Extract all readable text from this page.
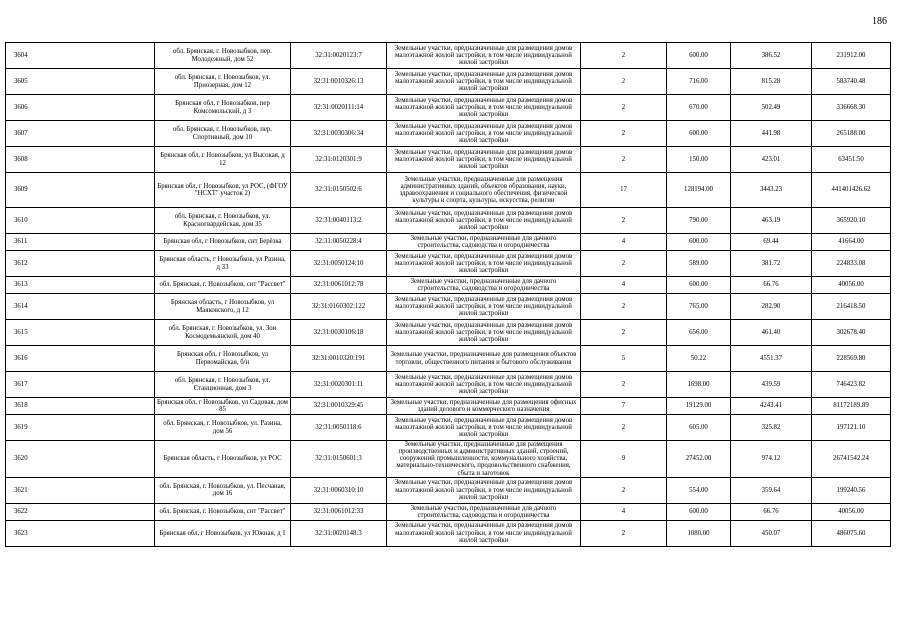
186
3604	обл. Брянская, г. Новозыбков, пер. Молодежный, дом 52	32:31:0020123:7	Земельные участки, предназначенные для размещения домов малоэтажной жилой застройки, в том числе индивидуальной жилой застройки	2	600.00	386.52	231912.00
3605	обл. Брянская, г. Новозыбков, ул. Приозерная, дом 12	32:31:0010326:13	Земельные участки, предназначенные для размещения домов малоэтажной жилой застройки, в том числе индивидуальной жилой застройки	2	716.00	815.28	583740.48
3606	Брянская обл, г Новозыбков, пер Комсомольский, д 3	32:31:0020111:14	Земельные участки, предназначенные для размещения домов малоэтажной жилой застройки, в том числе индивидуальной жилой застройки	2	670.00	502.49	336668.30
3607	обл. Брянская, г. Новозыбков, пер. Спортивный, дом 10	32:31:0030306:34	Земельные участки, предназначенные для размещения домов малоэтажной жилой застройки, в том числе индивидуальной жилой застройки	2	600.00	441.98	265188.00
3608	Брянская обл, г Новозыбков, ул Высокая, д 12	32:31:0120301:9	Земельные участки, предназначенные для размещения домов малоэтажной жилой застройки, в том числе индивидуальной жилой застройки	2	150.00	423.01	63451.50
3609	Брянская обл, г Новозыбков, ул РОС, (ФГОУ "НСХТ" участок 2)	32:31:0150502:6	Земельные участки, предназначенные для размещения административных зданий, объектов образования, науки, здравоохранения и социального обеспечения, физической культуры и спорта, культуры, искусства, религии	17	128194.00	3443.23	441401426.62
3610	обл. Брянская, г. Новозыбков, ул. Красногвардейская, дом 35	32:31:0040113:2	Земельные участки, предназначенные для размещения домов малоэтажной жилой застройки, в том числе индивидуальной жилой застройки	2	790.00	463.19	365920.10
3611	Брянская обл, г Новозыбков, снт Берёзка	32:31:0050228:4	Земельные участки, предназначенные для дачного строительства, садоводства и огородничества	4	600.00	69.44	41664.00
3612	Брянская область, г Новозыбков, ул Разина, д 33	32:31:0050124:10	Земельные участки, предназначенные для размещения домов малоэтажной жилой застройки, в том числе индивидуальной жилой застройки	2	589.00	381.72	224833.08
3613	обл. Брянская, г. Новозыбков, снт "Рассвет"	32:31:0061012:78	Земельные участки, предназначенные для дачного строительства, садоводства и огородничества	4	600.00	66.76	40056.00
3614	Брянская область, г Новозыбков, ул Маяковского, д 12	32:31:0160302:122	Земельные участки, предназначенные для размещения домов малоэтажной жилой застройки, в том числе индивидуальной жилой застройки	2	765.00	282.90	216418.50
3615	обл. Брянская, г. Новозыбков, ул. Зои Космодемьянской, дом 40	32:31:0030106:18	Земельные участки, предназначенные для размещения домов малоэтажной жилой застройки, в том числе индивидуальной жилой застройки	2	656.00	461.40	302678.40
3616	Брянская обл, г Новозыбков, ул Первомайская, б/н	32:31:0010320:191	Земельные участки, предназначенные для размещения объектов торговли, общественного питания и бытового обслуживания	5	50.22	4551.37	228569.80
3617	обл. Брянская, г. Новозыбков, ул. Станционная, дом 3	32:31:0020301:11	Земельные участки, предназначенные для размещения домов малоэтажной жилой застройки, в том числе индивидуальной жилой застройки	2	1698.00	439.59	746423.82
3618	Брянская обл, г Новозыбков, ул Садовая, дом 85	32:31:0010329:45	Земельные участки, предназначенные для размещения офисных зданий делового и коммерческого назначения	7	19129.00	4243.41	81172189.89
3619	обл. Брянская, г. Новозыбков, ул. Разина, дом 56	32:31:0050118:6	Земельные участки, предназначенные для размещения домов малоэтажной жилой застройки, в том числе индивидуальной жилой застройки	2	605.00	325.82	197121.10
3620	Брянская область, г Новозыбков, ул РОС	32:31:0150601:3	Земельные участки, предназначенные для размещения производственных и административных зданий, строений, сооружений промышленности, коммунального хозяйства, материально-технического, продовольственного снабжения, сбыта и заготовок	9	27452.00	974.12	26741542.24
3621	обл. Брянская, г. Новозыбков, ул. Песчаная, дом 16	32:31:0060310:10	Земельные участки, предназначенные для размещения домов малоэтажной жилой застройки, в том числе индивидуальной жилой застройки	2	554.00	359.64	199240.56
3622	обл. Брянская, г. Новозыбков, снт "Рассвет"	32:31:0061012:33	Земельные участки, предназначенные для дачного строительства, садоводства и огородничества	4	600.00	66.76	40056.00
3623	Брянская обл, г Новозыбков, ул Южная, д 1	32:31:0020148:3	Земельные участки, предназначенные для размещения домов малоэтажной жилой застройки, в том числе индивидуальной жилой застройки	2	1080.00	450.07	486075.60
